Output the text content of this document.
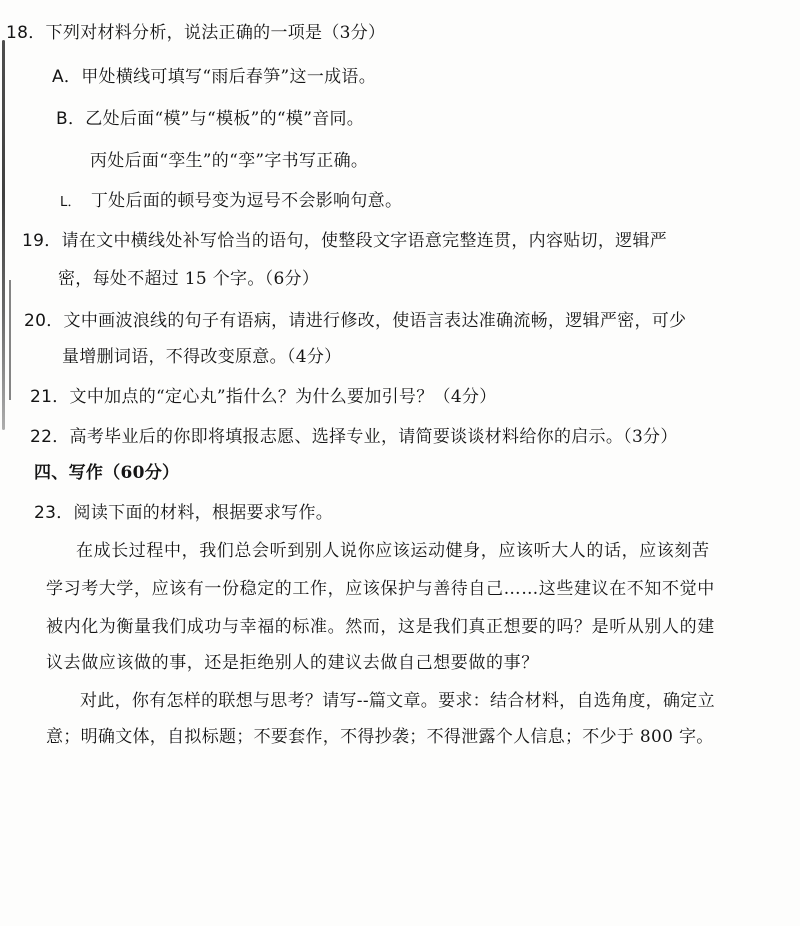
18．下列对材料分析，说法正确的一项是（3分）
A．甲处横线可填写“雨后春笋”这一成语。
B．乙处后面“模”与“模板”的“模”音同。
丙处后面“孪生”的“孪”字书写正确。
L． 丁处后面的顿号变为逗号不会影响句意。
19．请在文中横线处补写恰当的语句，使整段文字语意完整连贯，内容贴切，逻辑严
密，每处不超过 15 个字。（6分）
20．文中画波浪线的句子有语病，请进行修改，使语言表达准确流畅，逻辑严密，可少
量增删词语，不得改变原意。（4分）
21．文中加点的“定心丸”指什么？为什么要加引号？（4分）
22．高考毕业后的你即将填报志愿、选择专业，请简要谈谈材料给你的启示。（3分）
四、写作（60分）
23．阅读下面的材料，根据要求写作。
在成长过程中，我们总会听到别人说你应该运动健身，应该听大人的话，应该刻苦
学习考大学，应该有一份稳定的工作，应该保护与善待自己……这些建议在不知不觉中
被内化为衡量我们成功与幸福的标准。然而，这是我们真正想要的吗？是听从别人的建
议去做应该做的事，还是拒绝别人的建议去做自己想要做的事？
对此，你有怎样的联想与思考？请写--篇文章。要求：结合材料，自选角度，确定立
意；明确文体，自拟标题；不要套作，不得抄袭；不得泄露个人信息；不少于 800 字。
